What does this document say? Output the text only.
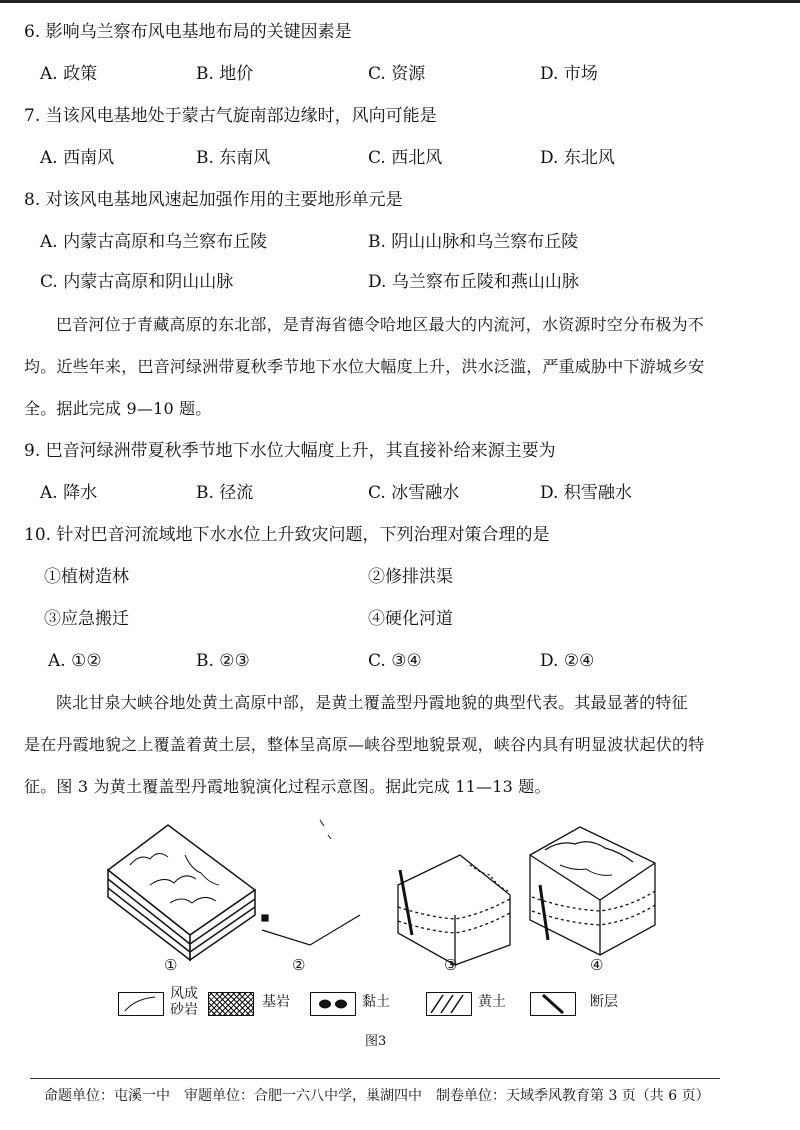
6. 影响乌兰察布风电基地布局的关键因素是
A. 政策	B. 地价	C. 资源	D. 市场
7. 当该风电基地处于蒙古气旋南部边缘时，风向可能是
A. 西南风	B. 东南风	C. 西北风	D. 东北风
8. 对该风电基地风速起加强作用的主要地形单元是
A. 内蒙古高原和乌兰察布丘陵	B. 阴山山脉和乌兰察布丘陵
C. 内蒙古高原和阴山山脉	D. 乌兰察布丘陵和燕山山脉
巴音河位于青藏高原的东北部，是青海省德令哈地区最大的内流河，水资源时空分布极为不
均。近些年来，巴音河绿洲带夏秋季节地下水位大幅度上升，洪水泛滥，严重威胁中下游城乡安
全。据此完成 9—10 题。
9. 巴音河绿洲带夏秋季节地下水位大幅度上升，其直接补给来源主要为
A. 降水	B. 径流	C. 冰雪融水	D. 积雪融水
10. 针对巴音河流域地下水水位上升致灾问题，下列治理对策合理的是
①植树造林	②修排洪渠
③应急搬迁	④硬化河道
A. ①②	B. ②③	C. ③④	D. ②④
陕北甘泉大峡谷地处黄土高原中部，是黄土覆盖型丹霞地貌的典型代表。其最显著的特征
是在丹霞地貌之上覆盖着黄土层，整体呈高原—峡谷型地貌景观，峡谷内具有明显波状起伏的特
征。图 3 为黄土覆盖型丹霞地貌演化过程示意图。据此完成 11—13 题。
①	②	③	④
风成
砂岩	基岩	黏土	黄土	断层
图3
命题单位：屯溪一中　审题单位：合肥一六八中学，巢湖四中　制卷单位：天域季风教育第 3 页（共 6 页）
